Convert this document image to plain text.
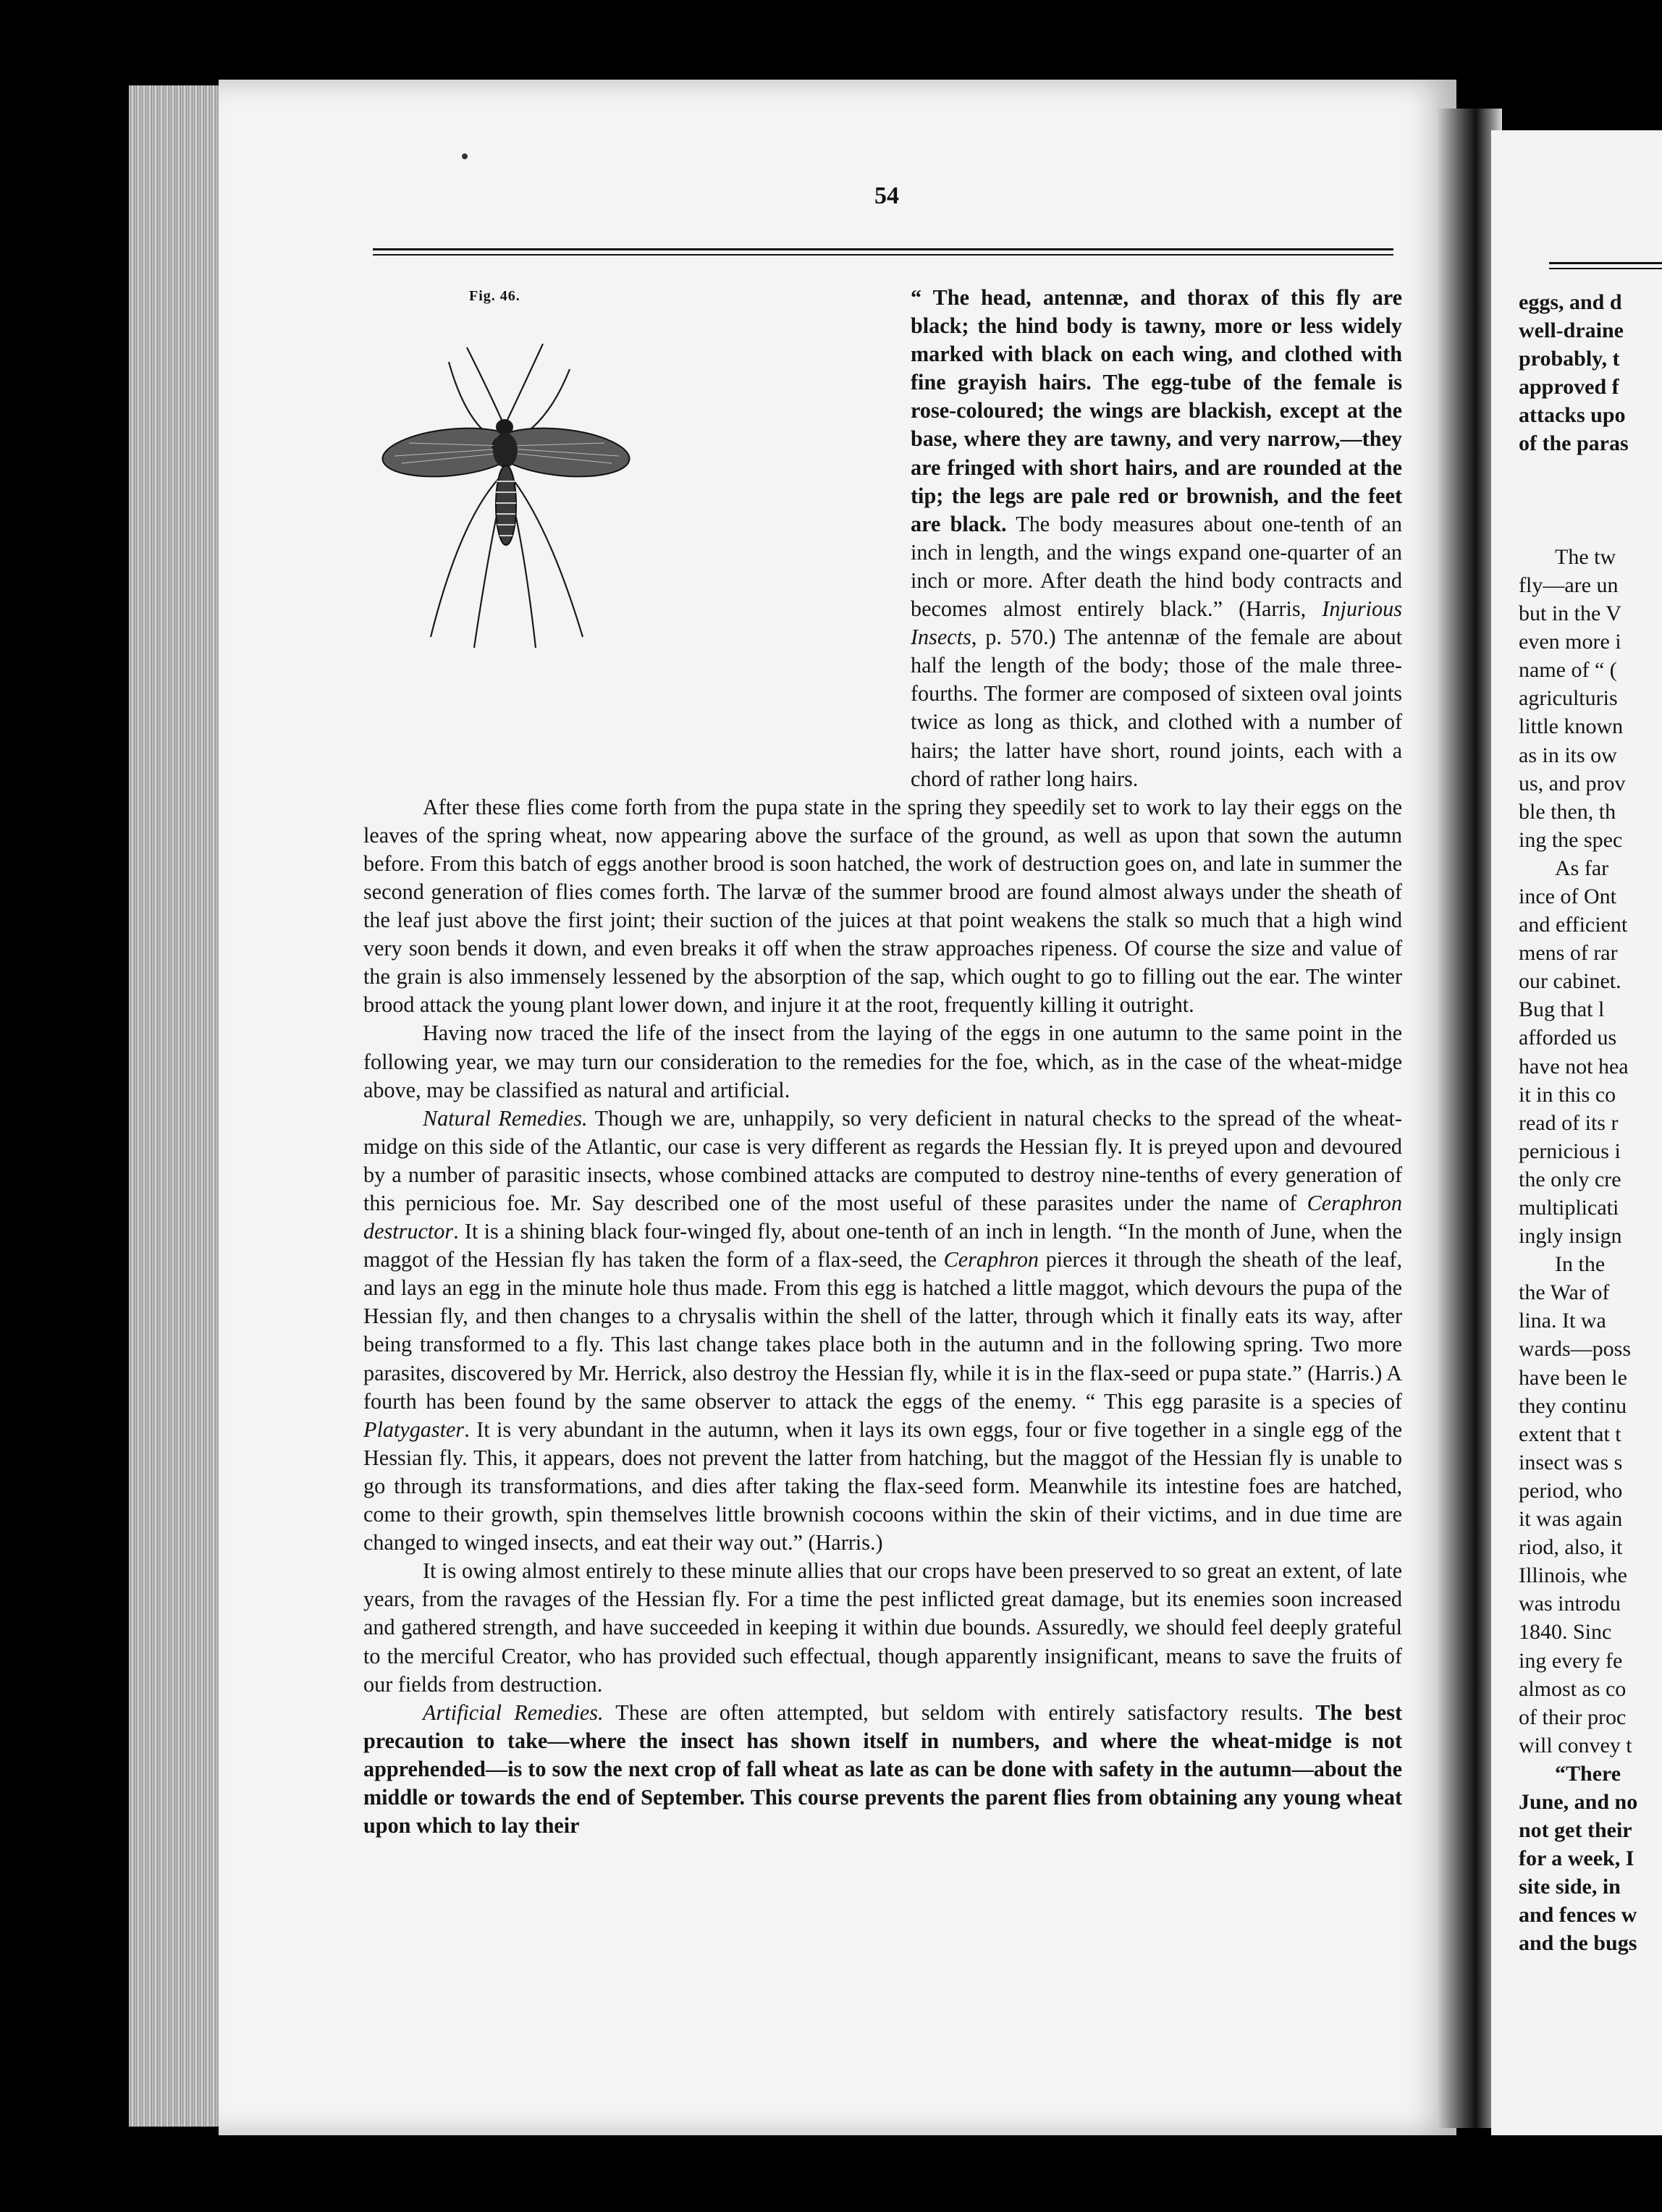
54
Fig. 46.	“ The head, antennæ, and thorax of this fly are black; the hind body is tawny, more or less widely marked with black on each wing, and clothed with fine grayish hairs. The egg-tube of the female is rose-coloured; the wings are blackish, except at the base, where they are tawny, and very narrow,—they are fringed with short hairs, and are rounded at the tip; the legs are pale red or brownish, and the feet are black. The body measures about one-tenth of an inch in length, and the wings expand one-quarter of an inch or more. After death the hind body contracts and becomes almost entirely black.” (Harris, Injurious Insects, p. 570.) The antennæ of the female are about half the length of the body; those of the male three-fourths. The former are composed of sixteen oval joints twice as long as thick, and clothed with a number of hairs; the latter have short, round joints, each with a chord of rather long hairs.

After these flies come forth from the pupa state in the spring they speedily set to work to lay their eggs on the leaves of the spring wheat, now appearing above the surface of the ground, as well as upon that sown the autumn before. From this batch of eggs another brood is soon hatched, the work of destruction goes on, and late in summer the second generation of flies comes forth. The larvæ of the summer brood are found almost always under the sheath of the leaf just above the first joint; their suction of the juices at that point weakens the stalk so much that a high wind very soon bends it down, and even breaks it off when the straw approaches ripeness. Of course the size and value of the grain is also immensely lessened by the absorption of the sap, which ought to go to filling out the ear. The winter brood attack the young plant lower down, and injure it at the root, frequently killing it outright.

Having now traced the life of the insect from the laying of the eggs in one autumn to the same point in the following year, we may turn our consideration to the remedies for the foe, which, as in the case of the wheat-midge above, may be classified as natural and artificial.

Natural Remedies. Though we are, unhappily, so very deficient in natural checks to the spread of the wheat-midge on this side of the Atlantic, our case is very different as regards the Hessian fly. It is preyed upon and devoured by a number of parasitic insects, whose combined attacks are computed to destroy nine-tenths of every generation of this pernicious foe. Mr. Say described one of the most useful of these parasites under the name of Ceraphron destructor. It is a shining black four-winged fly, about one-tenth of an inch in length. “In the month of June, when the maggot of the Hessian fly has taken the form of a flax-seed, the Ceraphron pierces it through the sheath of the leaf, and lays an egg in the minute hole thus made. From this egg is hatched a little maggot, which devours the pupa of the Hessian fly, and then changes to a chrysalis within the shell of the latter, through which it finally eats its way, after being transformed to a fly. This last change takes place both in the autumn and in the following spring. Two more parasites, discovered by Mr. Herrick, also destroy the Hessian fly, while it is in the flax-seed or pupa state.” (Harris.) A fourth has been found by the same observer to attack the eggs of the enemy. “ This egg parasite is a species of Platygaster. It is very abundant in the autumn, when it lays its own eggs, four or five together in a single egg of the Hessian fly. This, it appears, does not prevent the latter from hatching, but the maggot of the Hessian fly is unable to go through its transformations, and dies after taking the flax-seed form. Meanwhile its intestine foes are hatched, come to their growth, spin themselves little brownish cocoons within the skin of their victims, and in due time are changed to winged insects, and eat their way out.” (Harris.)

It is owing almost entirely to these minute allies that our crops have been preserved to so great an extent, of late years, from the ravages of the Hessian fly. For a time the pest inflicted great damage, but its enemies soon increased and gathered strength, and have succeeded in keeping it within due bounds. Assuredly, we should feel deeply grateful to the merciful Creator, who has provided such effectual, though apparently insignificant, means to save the fruits of our fields from destruction.

Artificial Remedies. These are often attempted, but seldom with entirely satisfactory results. The best precaution to take—where the insect has shown itself in numbers, and where the wheat-midge is not apprehended—is to sow the next crop of fall wheat as late as can be done with safety in the autumn—about the middle or towards the end of September. This course prevents the parent flies from obtaining any young wheat upon which to lay their

eggs, and d
well-draine
probably, t
approved f
attacks upo
of the paras
The tw
fly—are un
but in the V
even more i
name of “ (
agriculturis
little known
as in its ow
us, and prov
ble then, th
ing the spec
As far
ince of Ont
and efficient
mens of rar
our cabinet.
Bug that l
afforded us
have not hea
it in this co
read of its r
pernicious i
the only cre
multiplicati
ingly insign
In the
the War of
lina. It wa
wards—poss
have been le
they continu
extent that t
insect was s
period, who
it was again
riod, also, it
Illinois, whe
was introdu
1840. Sinc
ing every fe
almost as co
of their proc
will convey t
“There
June, and no
not get their
for a week, I
site side, in
and fences w
and the bugs
